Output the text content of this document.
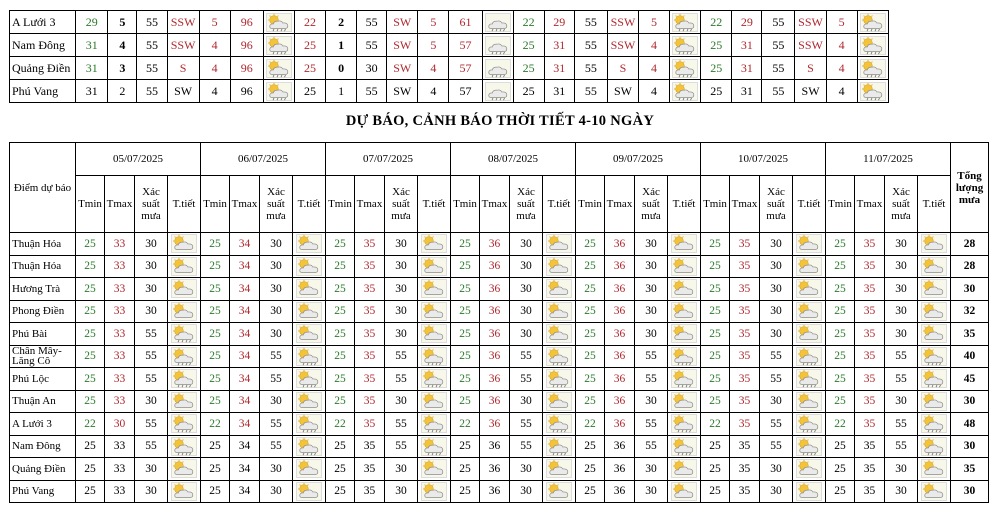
A Lưới 3	29	5	55	SSW	5	96		22	2	55	SW	5	61		22	29	55	SSW	5		22	29	55	SSW	5	

Nam Đông	31	4	55	SSW	4	96		25	1	55	SW	5	57		25	31	55	SSW	4		25	31	55	SSW	4	

Quảng Điền	31	3	55	S	4	96		25	0	30	SW	4	57		25	31	55	S	4		25	31	55	S	4	

Phú Vang	31	2	55	SW	4	96		25	1	55	SW	4	57		25	31	55	SW	4		25	31	55	SW	4	
DỰ BÁO, CẢNH BÁO THỜI TIẾT 4-10 NGÀY
Điểm dự báo	05/07/2025				06/07/2025				07/07/2025				08/07/2025				09/07/2025				10/07/2025				11/07/2025				Tổng lượng mưa
	Tmin	Tmax	Xác suất mưa	T.tiết	Tmin	Tmax	Xác suất mưa	T.tiết	Tmin	Tmax	Xác suất mưa	T.tiết	Tmin	Tmax	Xác suất mưa	T.tiết	Tmin	Tmax	Xác suất mưa	T.tiết	Tmin	Tmax	Xác suất mưa	T.tiết	Tmin	Tmax	Xác suất mưa	T.tiết	
Thuận Hóa	25	33	30		25	34	30		25	35	30		25	36	30		25	36	30		25	35	30		25	35	30		28
Thuận Hóa	25	33	30		25	34	30		25	35	30		25	36	30		25	36	30		25	35	30		25	35	30		28
Hương Trà	25	33	30		25	34	30		25	35	30		25	36	30		25	36	30		25	35	30		25	35	30		30
Phong Điền	25	33	30		25	34	30		25	35	30		25	36	30		25	36	30		25	35	30		25	35	30		32
Phú Bài	25	33	55		25	34	30		25	35	30		25	36	30		25	36	30		25	35	30		25	35	30		35
Chân Mây-Lăng Cô	25	33	55		25	34	55		25	35	55		25	36	55		25	36	55		25	35	55		25	35	55		40
Phú Lộc	25	33	55		25	34	55		25	35	55		25	36	55		25	36	55		25	35	55		25	35	55		45
Thuận An	25	33	30		25	34	30		25	35	30		25	36	30		25	36	30		25	35	30		25	35	30		30
A Lưới 3	22	30	55		22	34	55		22	35	55		22	36	55		22	36	55		22	35	55		22	35	55		48
Nam Đông	25	33	55		25	34	55		25	35	55		25	36	55		25	36	55		25	35	55		25	35	55		30
Quảng Điền	25	33	30		25	34	30		25	35	30		25	36	30		25	36	30		25	35	30		25	35	30		35
Phú Vang	25	33	30		25	34	30		25	35	30		25	36	30		25	36	30		25	35	30		25	35	30		30
